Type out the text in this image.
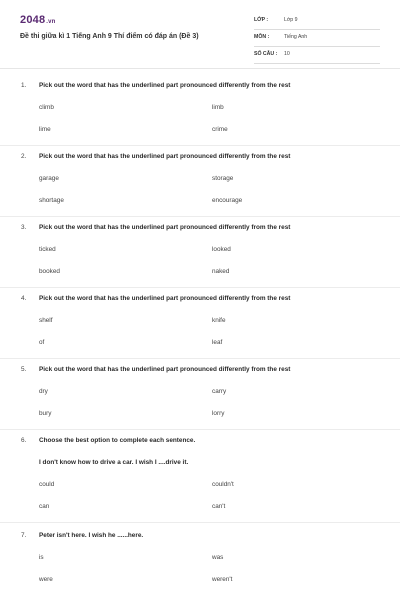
2048.vn
Đề thi giữa kì 1 Tiếng Anh 9 Thí điểm có đáp án (Đề 3)
LỚP :	Lớp 9
MÔN :	Tiếng Anh
SỐ CÂU : 10
1. Pick out the word that has the underlined part pronounced differently from the rest
climb	limb
lime	crime
2. Pick out the word that has the underlined part pronounced differently from the rest
garage	storage
shortage	encourage
3. Pick out the word that has the underlined part pronounced differently from the rest
ticked	looked
booked	naked
4. Pick out the word that has the underlined part pronounced differently from the rest
shelf	knife
of	leaf
5. Pick out the word that has the underlined part pronounced differently from the rest
dry	carry
bury	lorry
6. Choose the best option to complete each sentence.
I don't know how to drive a car. I wish I ....drive it.
could	couldn't
can	can't
7. Peter isn't here. I wish he ......here.
is	was
were	weren't
